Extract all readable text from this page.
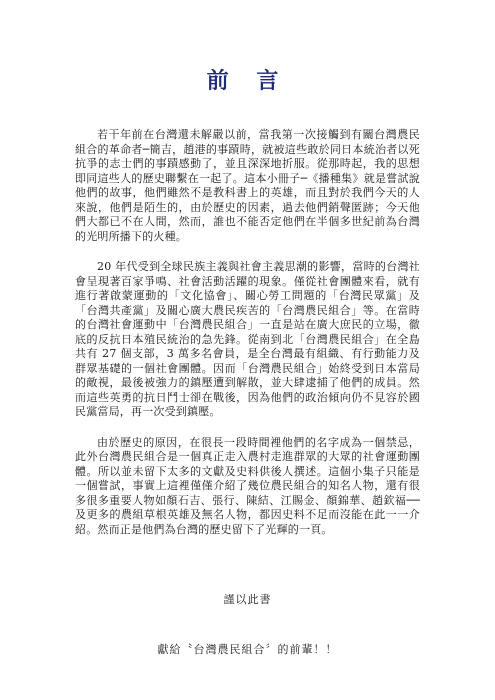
前 言

若干年前在台灣還未解嚴以前，當我第一次接觸到有關台灣農民組合的革命者─簡吉，趙港的事蹟時，就被這些敢於同日本統治者以死抗爭的志士們的事蹟感動了，並且深深地折服。從那時起，我的思想即同這些人的歷史聯繫在一起了。這本小冊子─《播種集》就是嘗試說他們的故事，他們雖然不是教科書上的英雄，而且對於我們今天的人來說，他們是陌生的，由於歷史的因素，過去他們銷聲匿跡；今天他們大都已不在人間，然而，誰也不能否定他們在半個多世紀前為台灣的光明所播下的火種。

20 年代受到全球民族主義與社會主義思潮的影響，當時的台灣社會呈現著百家爭鳴、社會活動活躍的現象。僅從社會團體來看，就有進行著啟蒙運動的「文化協會」、關心勞工問題的「台灣民眾黨」及「台灣共產黨」及關心廣大農民疾苦的「台灣農民組合」等。在當時的台灣社會運動中「台灣農民組合」一直是站在廣大庶民的立場，徹底的反抗日本殖民統治的急先鋒。從南到北「台灣農民組合」在全島共有 27 個支部，3 萬多名會員，是全台灣最有組織、有行動能力及群眾基礎的一個社會團體。因而「台灣農民組合」始終受到日本當局的敵視，最後被強力的鎮壓遭到解散，並大肆逮捕了他們的成員。然而這些英勇的抗日鬥士卻在戰後，因為他們的政治傾向仍不見容於國民黨當局，再一次受到鎮壓。

由於歷史的原因，在很長一段時間裡他們的名字成為一個禁忌，此外台灣農民組合是一個真正走入農村走進群眾的大眾的社會運動團體。所以並未留下太多的文獻及史料供後人撰述。這個小集子只能是一個嘗試，事實上這裡僅僅介紹了幾位農民組合的知名人物，還有很多很多重要人物如顏石吉、張行、陳結、江賜金、顏錦華、趙欽福──及更多的農組草根英雄及無名人物，都因史料不足而沒能在此一一介紹。然而正是他們為台灣的歷史留下了光輝的一頁。

謹以此書
獻給〝台灣農民組合〞的前輩！！
